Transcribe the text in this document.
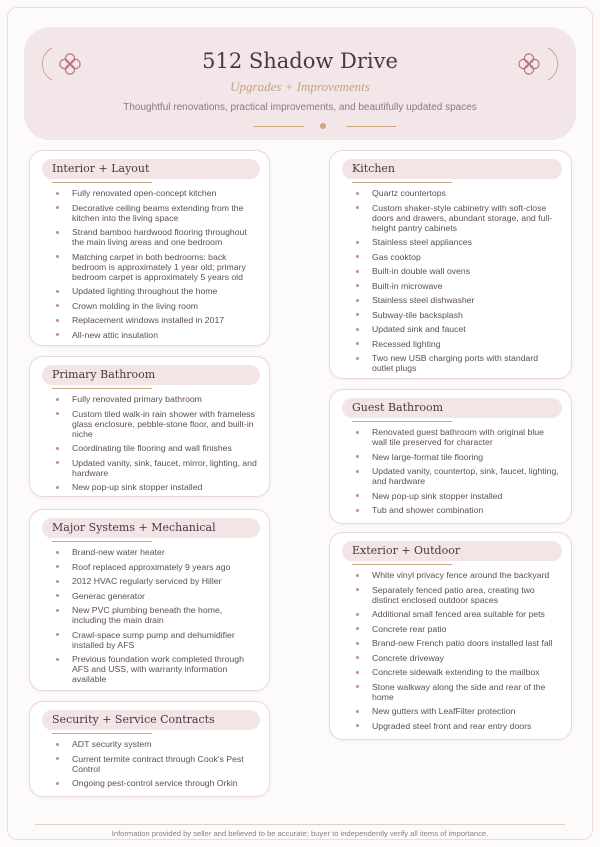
512 Shadow Drive
Upgrades + Improvements
Thoughtful renovations, practical improvements, and beautifully updated spaces
Interior + Layout
Fully renovated open-concept kitchen
Decorative ceiling beams extending from the kitchen into the living space
Strand bamboo hardwood flooring throughout the main living areas and one bedroom
Matching carpet in both bedrooms: back bedroom is approximately 1 year old; primary bedroom carpet is approximately 5 years old
Updated lighting throughout the home
Crown molding in the living room
Replacement windows installed in 2017
All-new attic insulation
Primary Bathroom
Fully renovated primary bathroom
Custom tiled walk-in rain shower with frameless glass enclosure, pebble-stone floor, and built-in niche
Coordinating tile flooring and wall finishes
Updated vanity, sink, faucet, mirror, lighting, and hardware
New pop-up sink stopper installed
Major Systems + Mechanical
Brand-new water heater
Roof replaced approximately 9 years ago
2012 HVAC regularly serviced by Hiller
Generac generator
New PVC plumbing beneath the home, including the main drain
Crawl-space sump pump and dehumidifier installed by AFS
Previous foundation work completed through AFS and USS, with warranty information available
Security + Service Contracts
ADT security system
Current termite contract through Cook's Pest Control
Ongoing pest-control service through Orkin
Kitchen
Quartz countertops
Custom shaker-style cabinetry with soft-close doors and drawers, abundant storage, and full-height pantry cabinets
Stainless steel appliances
Gas cooktop
Built-in double wall ovens
Built-in microwave
Stainless steel dishwasher
Subway-tile backsplash
Updated sink and faucet
Recessed lighting
Two new USB charging ports with standard outlet plugs
Guest Bathroom
Renovated guest bathroom with original blue wall tile preserved for character
New large-format tile flooring
Updated vanity, countertop, sink, faucet, lighting, and hardware
New pop-up sink stopper installed
Tub and shower combination
Exterior + Outdoor
White vinyl privacy fence around the backyard
Separately fenced patio area, creating two distinct enclosed outdoor spaces
Additional small fenced area suitable for pets
Concrete rear patio
Brand-new French patio doors installed last fall
Concrete driveway
Concrete sidewalk extending to the mailbox
Stone walkway along the side and rear of the home
New gutters with LeafFilter protection
Upgraded steel front and rear entry doors
Information provided by seller and believed to be accurate; buyer to independently verify all items of importance.
